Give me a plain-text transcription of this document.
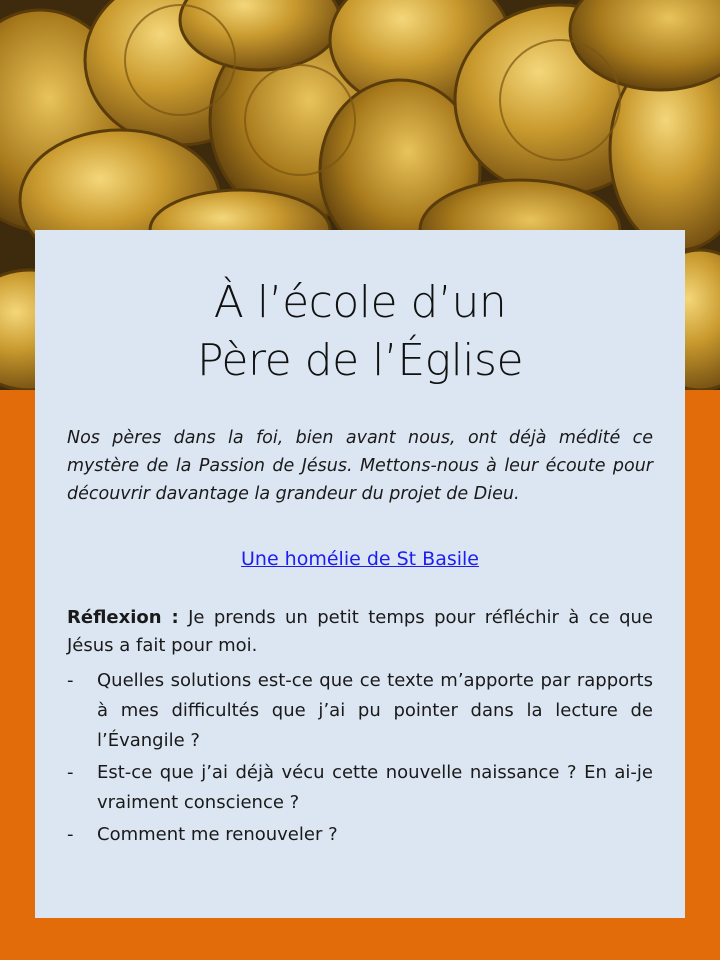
À l’école d’un
Père de l’Église

Nos pères dans la foi, bien avant nous, ont déjà médité ce mystère de la Passion de Jésus. Mettons-nous à leur écoute pour découvrir davantage la grandeur du projet de Dieu.

Une homélie de St Basile

Réflexion : Je prends un petit temps pour réfléchir à ce que Jésus a fait pour moi.

- Quelles solutions est-ce que ce texte m’apporte par rapports à mes difficultés que j’ai pu pointer dans la lecture de l’Évangile ?
- Est-ce que j’ai déjà vécu cette nouvelle naissance ? En ai-je vraiment conscience ?
- Comment me renouveler ?
